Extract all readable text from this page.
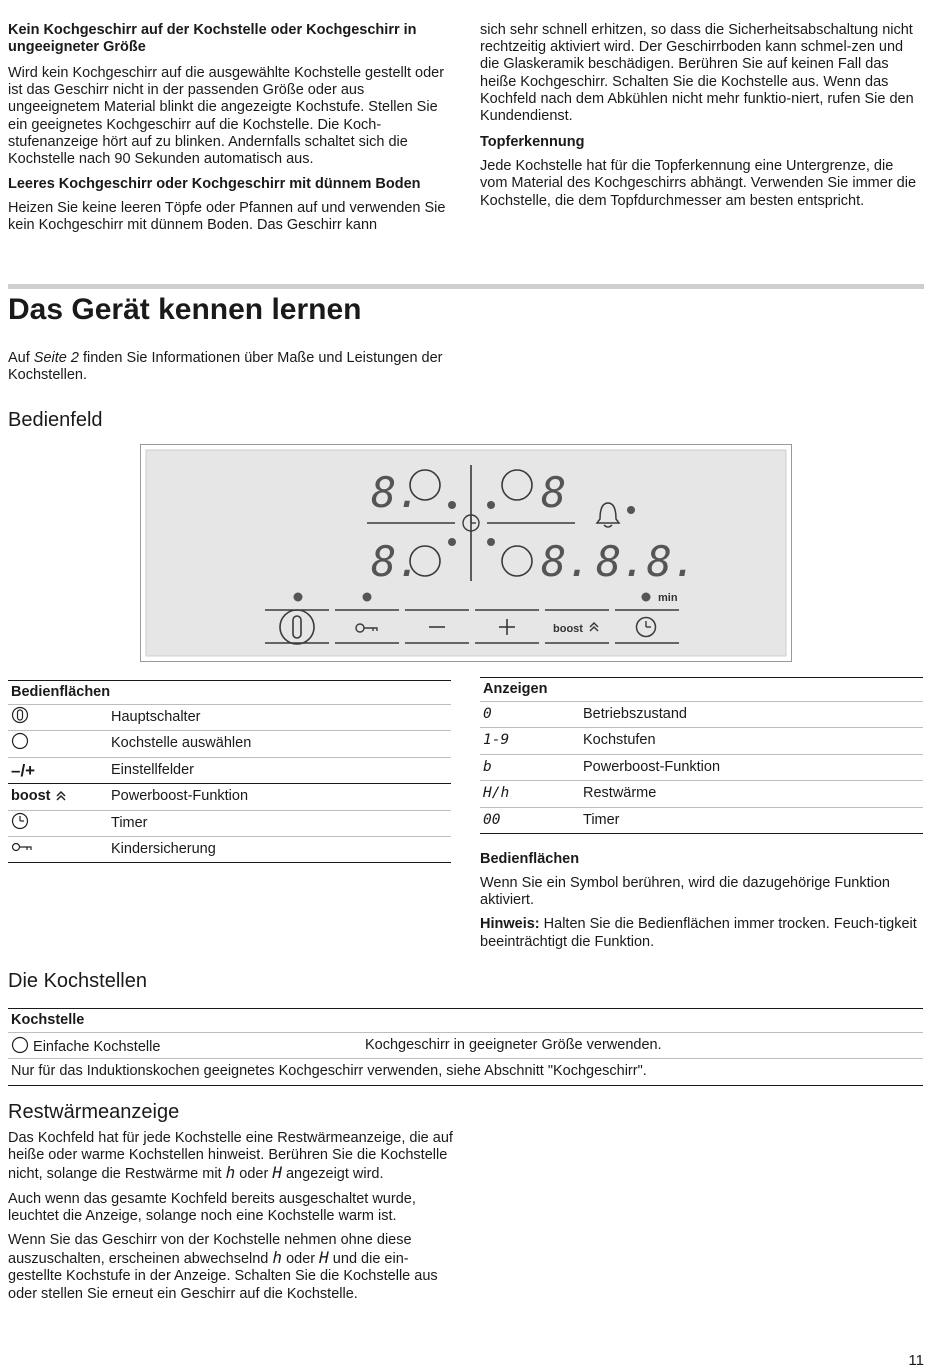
Kein Kochgeschirr auf der Kochstelle oder Kochgeschirr in ungeeigneter Größe

Wird kein Kochgeschirr auf die ausgewählte Kochstelle gestellt oder ist das Geschirr nicht in der passenden Größe oder aus ungeeignetem Material blinkt die angezeigte Kochstufe. Stellen Sie ein geeignetes Kochgeschirr auf die Kochstelle. Die Koch-stufenanzeige hört auf zu blinken. Andernfalls schaltet sich die Kochstelle nach 90 Sekunden automatisch aus.

Leeres Kochgeschirr oder Kochgeschirr mit dünnem Boden

Heizen Sie keine leeren Töpfe oder Pfannen auf und verwenden Sie kein Kochgeschirr mit dünnem Boden. Das Geschirr kann

sich sehr schnell erhitzen, so dass die Sicherheitsabschaltung nicht rechtzeitig aktiviert wird. Der Geschirrboden kann schmel-zen und die Glaskeramik beschädigen. Berühren Sie auf keinen Fall das heiße Kochgeschirr. Schalten Sie die Kochstelle aus. Wenn das Kochfeld nach dem Abkühlen nicht mehr funktio-niert, rufen Sie den Kundendienst.

Topferkennung

Jede Kochstelle hat für die Topferkennung eine Untergrenze, die vom Material des Kochgeschirrs abhängt. Verwenden Sie immer die Kochstelle, die dem Topfdurchmesser am besten entspricht.

Das Gerät kennen lernen
Auf Seite 2 finden Sie Informationen über Maße und Leistungen der Kochstellen.
Bedienfeld
8.	8
8.	8. 8.8.
min
boost
Bedienflächen	
	Hauptschalter
	Kochstelle auswählen
–/+	Einstellfelder
boost	Powerboost-Funktion
	Timer
	Kindersicherung
Anzeigen	
0	Betriebszustand
1-9	Kochstufen
b	Powerboost-Funktion
H/h	Restwärme
00	Timer
Bedienflächen

Wenn Sie ein Symbol berühren, wird die dazugehörige Funktion aktiviert.

Hinweis: Halten Sie die Bedienflächen immer trocken. Feuch-tigkeit beeinträchtigt die Funktion.

Die Kochstellen
Kochstelle
Einfache Kochstelle	Kochgeschirr in geeigneter Größe verwenden.
Nur für das Induktionskochen geeignetes Kochgeschirr verwenden, siehe Abschnitt "Kochgeschirr".
Restwärmeanzeige

Das Kochfeld hat für jede Kochstelle eine Restwärmeanzeige, die auf heiße oder warme Kochstellen hinweist. Berühren Sie die Kochstelle nicht, solange die Restwärme mit h oder H angezeigt wird.

Auch wenn das gesamte Kochfeld bereits ausgeschaltet wurde, leuchtet die Anzeige, solange noch eine Kochstelle warm ist.

Wenn Sie das Geschirr von der Kochstelle nehmen ohne diese auszuschalten, erscheinen abwechselnd h oder H und die ein-gestellte Kochstufe in der Anzeige. Schalten Sie die Kochstelle aus oder stellen Sie erneut ein Geschirr auf die Kochstelle.

11
